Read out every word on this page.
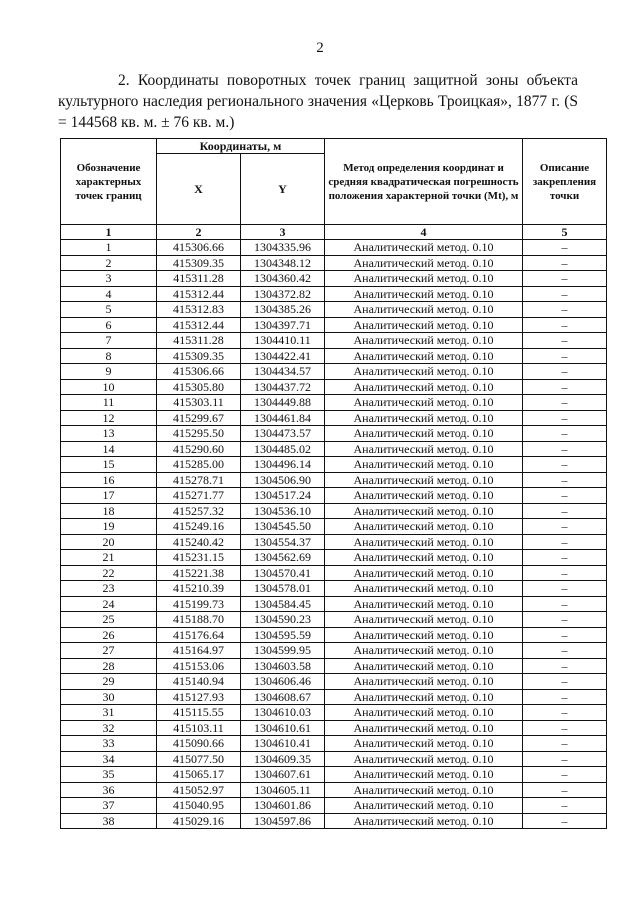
2
2. Координаты поворотных точек границ защитной зоны объекта культурного наследия регионального значения «Церковь Троицкая», 1877 г. (S = 144568 кв. м. ± 76 кв. м.)
Обозначение характерных точек границ	Координаты, м		Метод определения координат и средняя квадратическая погрешность положения характерной точки (Mt), м	Описание закрепления точки
	X	Y		
1	2	3	4	5
1	415306.66	1304335.96	Аналитический метод. 0.10	–
2	415309.35	1304348.12	Аналитический метод. 0.10	–
3	415311.28	1304360.42	Аналитический метод. 0.10	–
4	415312.44	1304372.82	Аналитический метод. 0.10	–
5	415312.83	1304385.26	Аналитический метод. 0.10	–
6	415312.44	1304397.71	Аналитический метод. 0.10	–
7	415311.28	1304410.11	Аналитический метод. 0.10	–
8	415309.35	1304422.41	Аналитический метод. 0.10	–
9	415306.66	1304434.57	Аналитический метод. 0.10	–
10	415305.80	1304437.72	Аналитический метод. 0.10	–
11	415303.11	1304449.88	Аналитический метод. 0.10	–
12	415299.67	1304461.84	Аналитический метод. 0.10	–
13	415295.50	1304473.57	Аналитический метод. 0.10	–
14	415290.60	1304485.02	Аналитический метод. 0.10	–
15	415285.00	1304496.14	Аналитический метод. 0.10	–
16	415278.71	1304506.90	Аналитический метод. 0.10	–
17	415271.77	1304517.24	Аналитический метод. 0.10	–
18	415257.32	1304536.10	Аналитический метод. 0.10	–
19	415249.16	1304545.50	Аналитический метод. 0.10	–
20	415240.42	1304554.37	Аналитический метод. 0.10	–
21	415231.15	1304562.69	Аналитический метод. 0.10	–
22	415221.38	1304570.41	Аналитический метод. 0.10	–
23	415210.39	1304578.01	Аналитический метод. 0.10	–
24	415199.73	1304584.45	Аналитический метод. 0.10	–
25	415188.70	1304590.23	Аналитический метод. 0.10	–
26	415176.64	1304595.59	Аналитический метод. 0.10	–
27	415164.97	1304599.95	Аналитический метод. 0.10	–
28	415153.06	1304603.58	Аналитический метод. 0.10	–
29	415140.94	1304606.46	Аналитический метод. 0.10	–
30	415127.93	1304608.67	Аналитический метод. 0.10	–
31	415115.55	1304610.03	Аналитический метод. 0.10	–
32	415103.11	1304610.61	Аналитический метод. 0.10	–
33	415090.66	1304610.41	Аналитический метод. 0.10	–
34	415077.50	1304609.35	Аналитический метод. 0.10	–
35	415065.17	1304607.61	Аналитический метод. 0.10	–
36	415052.97	1304605.11	Аналитический метод. 0.10	–
37	415040.95	1304601.86	Аналитический метод. 0.10	–
38	415029.16	1304597.86	Аналитический метод. 0.10	–
